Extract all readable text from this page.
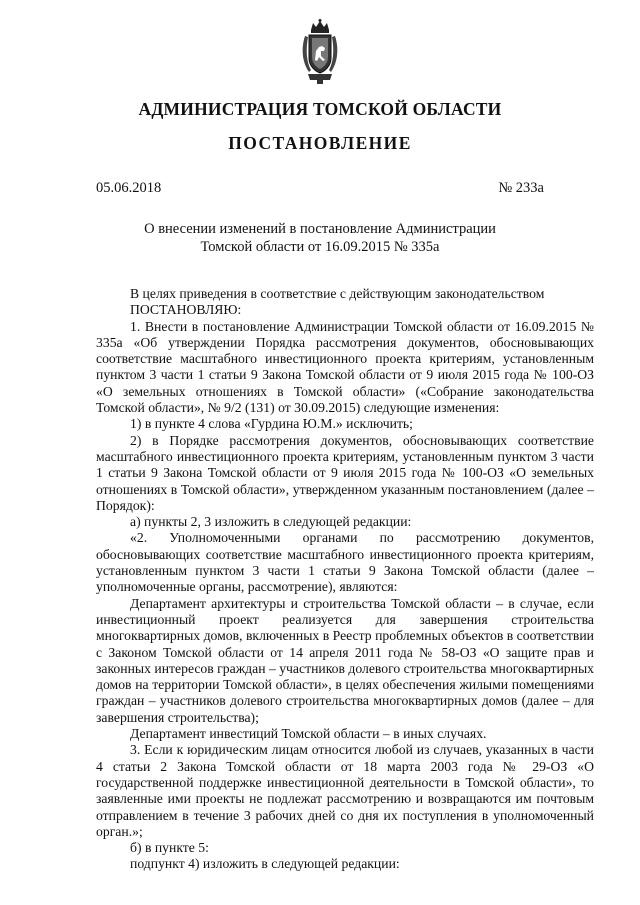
АДМИНИСТРАЦИЯ ТОМСКОЙ ОБЛАСТИ
ПОСТАНОВЛЕНИЕ
05.06.2018	№ 233а
О внесении изменений в постановление Администрации
Томской области от 16.09.2015 № 335а

В целях приведения в соответствие с действующим законодательством

ПОСТАНОВЛЯЮ:

1. Внести в постановление Администрации Томской области от 16.09.2015 № 335а «Об утверждении Порядка рассмотрения документов, обосновывающих соответствие масштабного инвестиционного проекта критериям, установленным пунктом 3 части 1 статьи 9 Закона Томской области от 9 июля 2015 года № 100-ОЗ «О земельных отношениях в Томской области» («Собрание законодательства Томской области», № 9/2 (131) от 30.09.2015) следующие изменения:

1) в пункте 4 слова «Гурдина Ю.М.» исключить;

2) в Порядке рассмотрения документов, обосновывающих соответствие масштабного инвестиционного проекта критериям, установленным пунктом 3 части 1 статьи 9 Закона Томской области от 9 июля 2015 года № 100-ОЗ «О земельных отношениях в Томской области», утвержденном указанным постановлением (далее – Порядок):

а) пункты 2, 3 изложить в следующей редакции:

«2. Уполномоченными органами по рассмотрению документов, обосновывающих соответствие масштабного инвестиционного проекта критериям, установленным пунктом 3 части 1 статьи 9 Закона Томской области (далее – уполномоченные органы, рассмотрение), являются:

Департамент архитектуры и строительства Томской области – в случае, если инвестиционный проект реализуется для завершения строительства многоквартирных домов, включенных в Реестр проблемных объектов в соответствии с Законом Томской области от 14 апреля 2011 года № 58-ОЗ «О защите прав и законных интересов граждан – участников долевого строительства многоквартирных домов на территории Томской области», в целях обеспечения жилыми помещениями граждан – участников долевого строительства многоквартирных домов (далее – для завершения строительства);

Департамент инвестиций Томской области – в иных случаях.

3. Если к юридическим лицам относится любой из случаев, указанных в части 4 статьи 2 Закона Томской области от 18 марта 2003 года № 29-ОЗ «О государственной поддержке инвестиционной деятельности в Томской области», то заявленные ими проекты не подлежат рассмотрению и возвращаются им почтовым отправлением в течение 3 рабочих дней со дня их поступления в уполномоченный орган.»;

б) в пункте 5:

подпункт 4) изложить в следующей редакции:
